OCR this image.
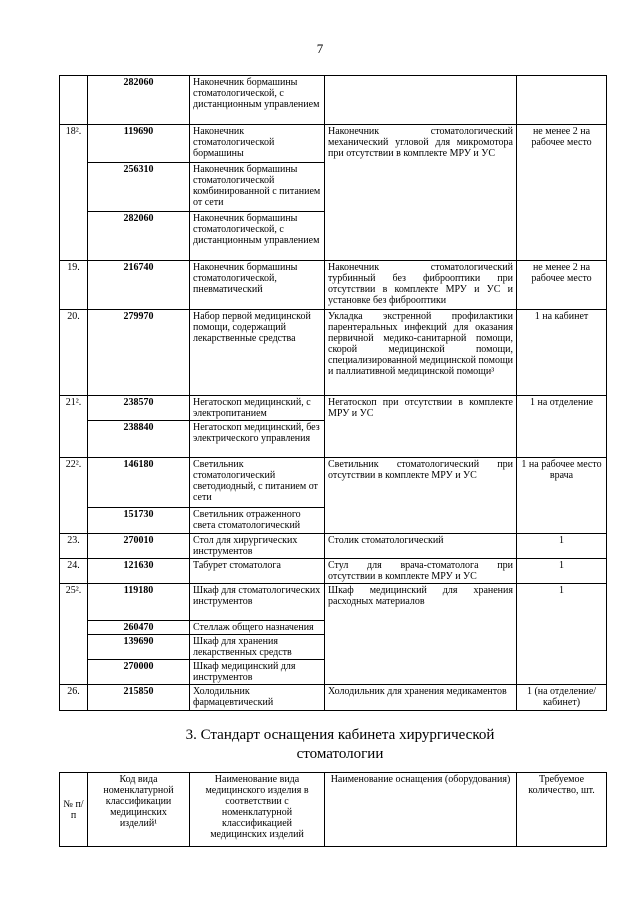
7
	282060	Наконечник бормашины стоматологической, с дистанционным управлением		
18².	119690	Наконечник стоматологической бормашины	Наконечник стоматологический механический угловой для микромотора при отсутствии в комплекте МРУ и УС	не менее 2 на рабочее место
	256310	Наконечник бормашины стоматологической комбинированной с питанием от сети		
	282060	Наконечник бормашины стоматологической, с дистанционным управлением		
19.	216740	Наконечник бормашины стоматологической, пневматический	Наконечник стоматологический турбинный без фиброоптики при отсутствии в комплекте МРУ и УС и установке без фиброоптики	не менее 2 на рабочее место
20.	279970	Набор первой медицинской помощи, содержащий лекарственные средства	Укладка экстренной профилактики парентеральных инфекций для оказания первичной медико-санитарной помощи, скорой медицинской помощи, специализированной медицинской помощи и паллиативной медицинской помощи³	1 на кабинет
21².	238570	Негатоскоп медицинский, с электропитанием	Негатоскоп при отсутствии в комплекте МРУ и УС	1 на отделение
	238840	Негатоскоп медицинский, без электрического управления		
22².	146180	Светильник стоматологический светодиодный, с питанием от сети	Светильник стоматологический при отсутствии в комплекте МРУ и УС	1 на рабочее место врача
	151730	Светильник отраженного света стоматологический		
23.	270010	Стол для хирургических инструментов	Столик стоматологический	1
24.	121630	Табурет стоматолога	Стул для врача-стоматолога при отсутствии в комплекте МРУ и УС	1
25².	119180	Шкаф для стоматологических инструментов	Шкаф медицинский для хранения расходных материалов	1
	260470	Стеллаж общего назначения		
	139690	Шкаф для хранения лекарственных средств		
	270000	Шкаф медицинский для инструментов		
26.	215850	Холодильник фармацевтический	Холодильник для хранения медикаментов	1 (на отделение/ кабинет)
3. Стандарт оснащения кабинета хирургической стоматологии
№ п/п	Код вида номенклатурной классификации медицинских изделий¹	Наименование вида медицинского изделия в соответствии с номенклатурной классификацией медицинских изделий	Наименование оснащения (оборудования)	Требуемое количество, шт.
